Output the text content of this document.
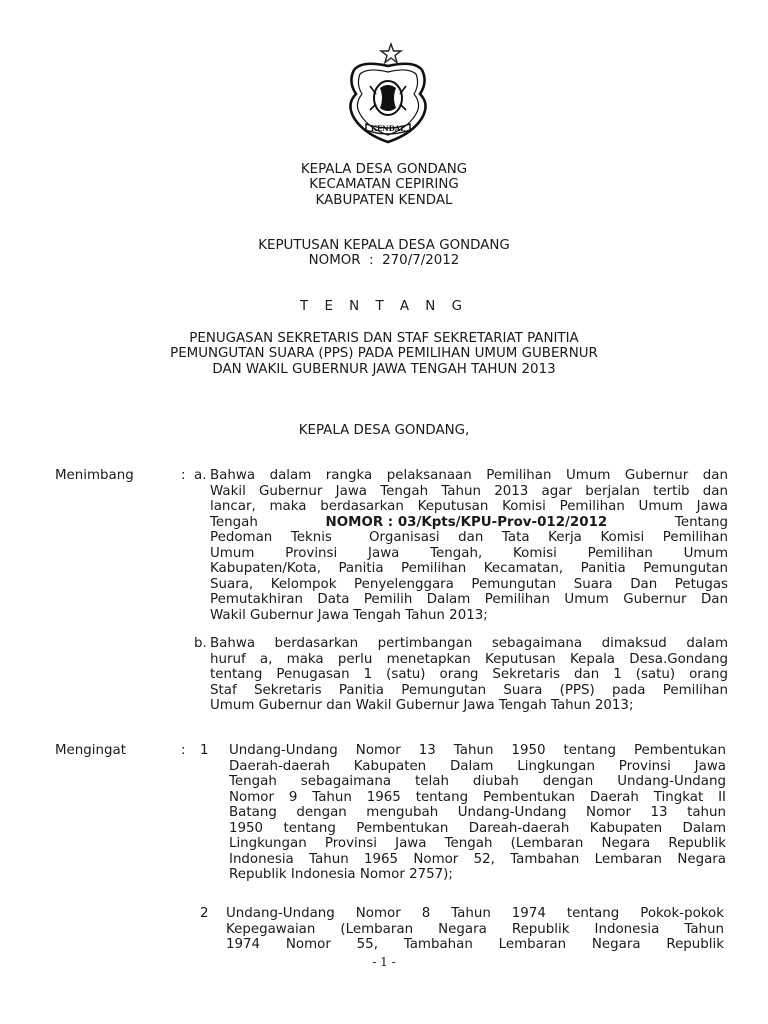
KENDAL
KEPALA DESA GONDANG
KECAMATAN CEPIRING
KABUPATEN KENDAL
KEPUTUSAN KEPALA DESA GONDANG
NOMOR  :  270/7/2012
T E N T A N G
PENUGASAN SEKRETARIS DAN STAF SEKRETARIAT PANITIA
PEMUNGUTAN SUARA (PPS) PADA PEMILIHAN UMUM GUBERNUR
DAN WAKIL GUBERNUR JAWA TENGAH TAHUN 2013
KEPALA DESA GONDANG,
Menimbang	: a. Bahwa dalam rangka pelaksanaan Pemilihan Umum Gubernur dan
Wakil Gubernur Jawa Tengah Tahun 2013 agar berjalan tertib dan
lancar, maka berdasarkan Keputusan Komisi Pemilihan Umum Jawa
Tengah	NOMOR : 03/Kpts/KPU-Prov-012/2012	Tentang
Pedoman Teknis  Organisasi dan Tata Kerja Komisi Pemilihan
Umum Provinsi Jawa Tengah, Komisi Pemilihan Umum
Kabupaten/Kota, Panitia Pemilihan Kecamatan, Panitia Pemungutan
Suara, Kelompok Penyelenggara Pemungutan Suara Dan Petugas
Pemutakhiran Data Pemilih Dalam Pemilihan Umum Gubernur Dan
Wakil Gubernur Jawa Tengah Tahun 2013;
b. Bahwa berdasarkan pertimbangan sebagaimana dimaksud dalam
huruf a, maka perlu menetapkan Keputusan Kepala Desa.Gondang
tentang Penugasan 1 (satu) orang Sekretaris dan 1 (satu) orang
Staf Sekretaris Panitia Pemungutan Suara (PPS) pada Pemilihan
Umum Gubernur dan Wakil Gubernur Jawa Tengah Tahun 2013;
Mengingat	: 1 Undang-Undang Nomor 13 Tahun 1950 tentang Pembentukan
Daerah-daerah Kabupaten Dalam Lingkungan Provinsi Jawa
Tengah sebagaimana telah diubah dengan Undang-Undang
Nomor 9 Tahun 1965 tentang Pembentukan Daerah Tingkat II
Batang dengan mengubah Undang-Undang Nomor 13 tahun
1950 tentang Pembentukan Dareah-daerah Kabupaten Dalam
Lingkungan Provinsi Jawa Tengah (Lembaran Negara Republik
Indonesia Tahun 1965 Nomor 52, Tambahan Lembaran Negara
Republik Indonesia Nomor 2757);
2 Undang-Undang Nomor 8 Tahun 1974 tentang Pokok-pokok
Kepegawaian (Lembaran Negara Republik Indonesia Tahun
1974 Nomor 55, Tambahan Lembaran Negara Republik
- 1 -
